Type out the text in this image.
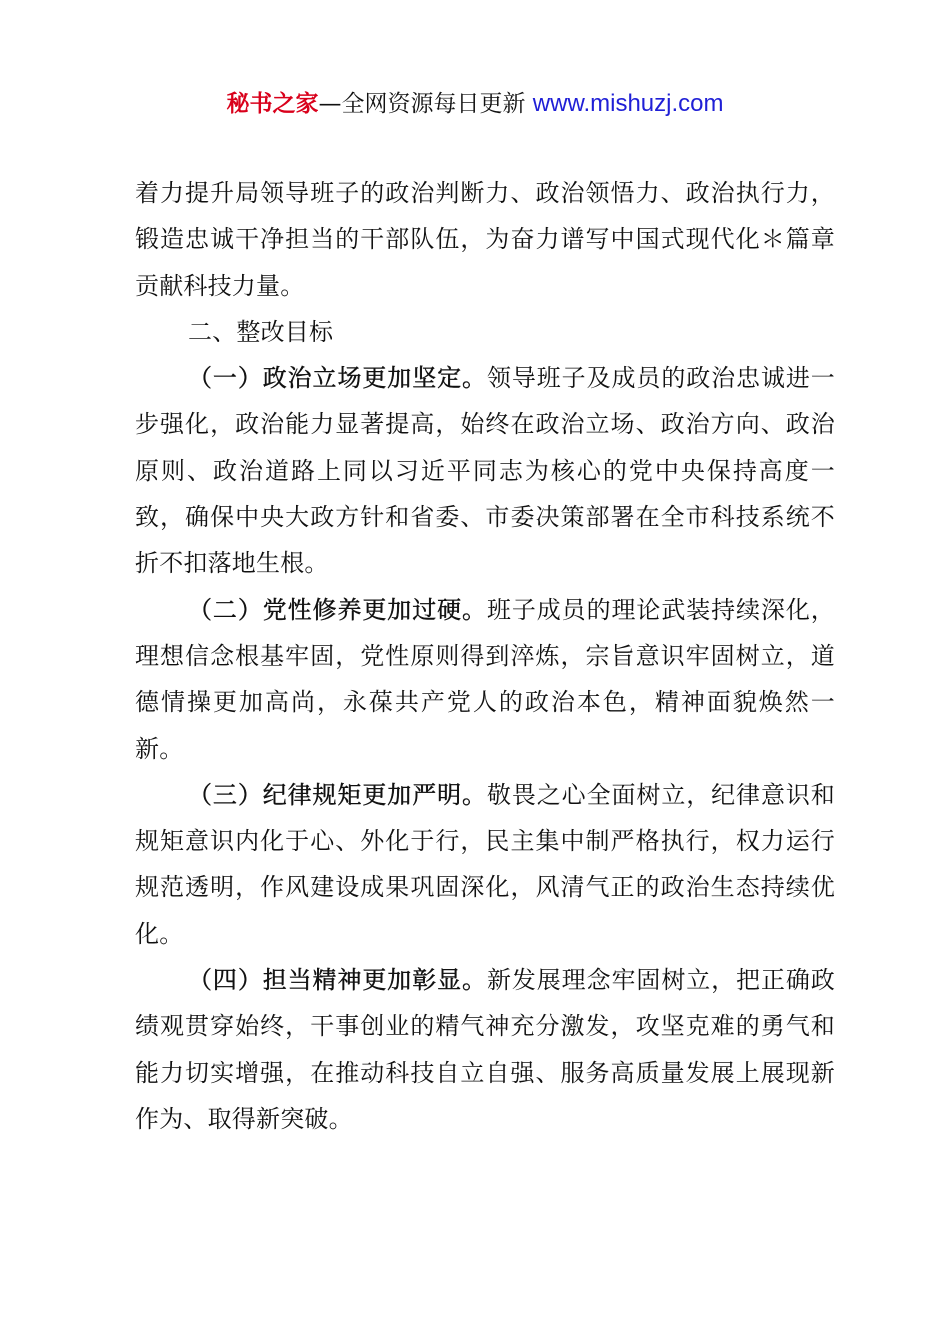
秘书之家—全网资源每日更新 www.mishuzj.com

着力提升局领导班子的政治判断力、政治领悟力、政治执行力，锻造忠诚干净担当的干部队伍，为奋力谱写中国式现代化＊篇章贡献科技力量。

二、整改目标

（一）政治立场更加坚定。领导班子及成员的政治忠诚进一步强化，政治能力显著提高，始终在政治立场、政治方向、政治原则、政治道路上同以习近平同志为核心的党中央保持高度一致，确保中央大政方针和省委、市委决策部署在全市科技系统不折不扣落地生根。

（二）党性修养更加过硬。班子成员的理论武装持续深化，理想信念根基牢固，党性原则得到淬炼，宗旨意识牢固树立，道德情操更加高尚，永葆共产党人的政治本色，精神面貌焕然一新。

（三）纪律规矩更加严明。敬畏之心全面树立，纪律意识和规矩意识内化于心、外化于行，民主集中制严格执行，权力运行规范透明，作风建设成果巩固深化，风清气正的政治生态持续优化。

（四）担当精神更加彰显。新发展理念牢固树立，把正确政绩观贯穿始终，干事创业的精气神充分激发，攻坚克难的勇气和能力切实增强，在推动科技自立自强、服务高质量发展上展现新作为、取得新突破。
